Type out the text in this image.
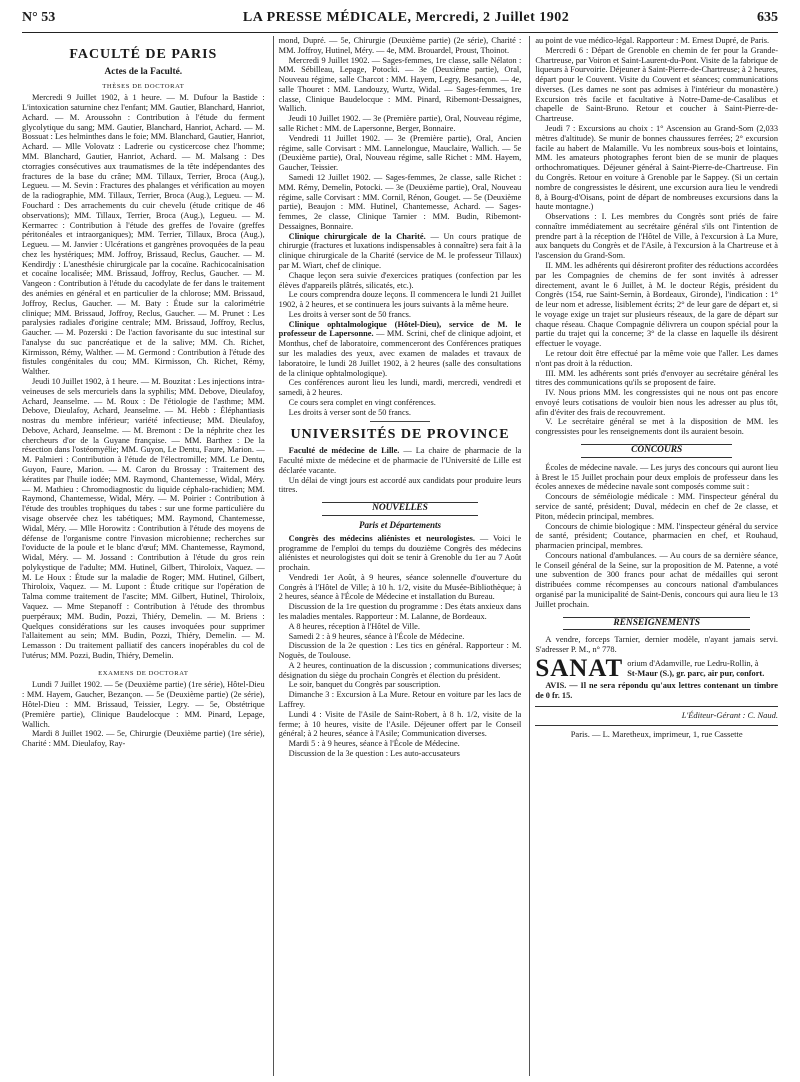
N° 53	LA PRESSE MÉDICALE, Mercredi, 2 Juillet 1902	635
FACULTÉ DE PARIS
Actes de la Faculté.
THÈSES DE DOCTORAT

Mercredi 9 Juillet 1902, à 1 heure. — M. Dufour la Bastide : L'intoxication saturnine chez l'enfant; MM. Gautier, Blanchard, Hanriot, Achard. — M. Aroussohn : Contribution à l'étude du ferment glycolytique du sang; MM. Gautier, Blanchard, Hanriot, Achard. — M. Bossuat : Les helminthes dans le foie; MM. Blanchard, Gautier, Hanriot, Achard. — Mlle Volovatz : Ladrerie ou cysticercose chez l'homme; MM. Blanchard, Gautier, Hanriot, Achard. — M. Malsang : Des ctorragies consécutives aux traumatismes de la tête indépendantes des fractures de la base du crâne; MM. Tillaux, Terrier, Broca (Aug.), Legueu. — M. Sevin : Fractures des phalanges et vérification au moyen de la radiographie, MM. Tillaux, Terrier, Broca (Aug.), Legueu. — M. Fouchard : Des arrachements du cuir chevelu (étude critique de 46 observations); MM. Tillaux, Terrier, Broca (Aug.), Legueu. — M. Kermarrec : Contribution à l'étude des greffes de l'ovaire (greffes péritonéales et intraorganiques); MM. Terrier, Tillaux, Broca (Aug.), Legueu. — M. Janvier : Ulcérations et gangrènes provoquées de la peau chez les hystériques; MM. Joffroy, Brissaud, Reclus, Gaucher. — M. Kendirdjy : L'anesthésie chirurgicale par la cocaïne. Rachicocaïnisation et cocaïne localisée; MM. Brissaud, Joffroy, Reclus, Gaucher. — M. Vangeon : Contribution à l'étude du cacodylate de fer dans le traitement des anémies en général et en particulier de la chlorose; MM. Brissaud, Joffroy, Reclus, Gaucher. — M. Baty : Étude sur la calorimétrie clinique; MM. Brissaud, Joffroy, Reclus, Gaucher. — M. Prunet : Les paralysies radiales d'origine centrale; MM. Brissaud, Joffroy, Reclus, Gaucher. — M. Pozerski : De l'action favorisante du suc intestinal sur l'analyse du suc pancréatique et de la salive; MM. Ch. Richet, Kirmisson, Rémy, Walther. — M. Germond : Contribution à l'étude des fistules congénitales du cou; MM. Kirmisson, Ch. Richet, Rémy, Walther.

Jeudi 10 Juillet 1902, à 1 heure. — M. Bouzitat : Les injections intra-veineuses de sels mercuriels dans la syphilis; MM. Debove, Dieulafoy, Achard, Jeanselme. — M. Roux : De l'étiologie de l'asthme; MM. Debove, Dieulafoy, Achard, Jeanselme. — M. Hebb : Éléphantiasis nostras du membre inférieur; variété infectieuse; MM. Dieulafoy, Debove, Achard, Jeanselme. — M. Bremont : De la néphrite chez les chercheurs d'or de la Guyane française. — MM. Barthez : De la résection dans l'ostéomyélie; MM. Guyon, Le Dentu, Faure, Marion. — M. Palmieri : Contribution à l'étude de l'électromille; MM. Le Dentu, Guyon, Faure, Marion. — M. Caron du Brossay : Traitement des kératites par l'huile iodée; MM. Raymond, Chantemesse, Widal, Méry. — M. Mathieu : Chromodiagnostic du liquide céphalo-rachidien; MM. Raymond, Chantemesse, Widal, Méry. — M. Poirier : Contribution à l'étude des troubles trophiques du tabes : sur une forme particulière du visage observée chez les tabétiques; MM. Raymond, Chantemesse, Widal, Méry. — Mlle Horowitz : Contribution à l'étude des moyens de défense de l'organisme contre l'invasion microbienne; recherches sur l'oviducte de la poule et le blanc d'œuf; MM. Chantemesse, Raymond, Widal, Méry. — M. Jossand : Contribution à l'étude du gros rein polykystique de l'adulte; MM. Hutinel, Gilbert, Thiroloix, Vaquez. — M. Le Houx : Étude sur la maladie de Roger; MM. Hutinel, Gilbert, Thiroloix, Vaquez. — M. Lupont : Étude critique sur l'opération de Talma comme traitement de l'ascite; MM. Gilbert, Hutinel, Thiroloix, Vaquez. — Mme Stepanoff : Contribution à l'étude des thrombus puerpéraux; MM. Budin, Pozzi, Thiéry, Demelin. — M. Briens : Quelques considérations sur les causes invoquées pour supprimer l'allaitement au sein; MM. Budin, Pozzi, Thiéry, Demelin. — M. Lemasson : Du traitement palliatif des cancers inopérables du col de l'utérus; MM. Pozzi, Budin, Thiéry, Demelin.

EXAMENS DE DOCTORAT

Lundi 7 Juillet 1902. — 5e (Deuxième partie) (1re série), Hôtel-Dieu : MM. Hayem, Gaucher, Bezançon. — 5e (Deuxième partie) (2e série), Hôtel-Dieu : MM. Brissaud, Teissier, Legry. — 5e, Obstétrique (Première partie), Clinique Baudelocque : MM. Pinard, Lepage, Wallich.

Mardi 8 Juillet 1902. — 5e, Chirurgie (Deuxième partie) (1re série), Charité : MM. Dieulafoy, Ray-

mond, Dupré. — 5e, Chirurgie (Deuxième partie) (2e série), Charité : MM. Joffroy, Hutinel, Méry. — 4e, MM. Brouardel, Proust, Thoinot.

Mercredi 9 Juillet 1902. — Sages-femmes, 1re classe, salle Nélaton : MM. Sébilleau, Lepage, Potocki. — 3e (Deuxième partie), Oral, Nouveau régime, salle Charcot : MM. Hayem, Legry, Besançon. — 4e, salle Thouret : MM. Landouzy, Wurtz, Widal. — Sages-femmes, 1re classe, Clinique Baudelocque : MM. Pinard, Ribemont-Dessaignes, Wallich.

Jeudi 10 Juillet 1902. — 3e (Première partie), Oral, Nouveau régime, salle Richet : MM. de Lapersonne, Berger, Bonnaire.

Vendredi 11 Juillet 1902. — 3e (Première partie), Oral, Ancien régime, salle Corvisart : MM. Lannelongue, Mauclaire, Wallich. — 5e (Deuxième partie), Oral, Nouveau régime, salle Richet : MM. Hayem, Gaucher, Teissier.

Samedi 12 Juillet 1902. — Sages-femmes, 2e classe, salle Richet : MM. Rémy, Demelin, Potocki. — 3e (Deuxième partie), Oral, Nouveau régime, salle Corvisart : MM. Cornil, Rénon, Gouget. — 5e (Deuxième partie), Beaujon : MM. Hutinel, Chantemesse, Achard. — Sages-femmes, 2e classe, Clinique Tarnier : MM. Budin, Ribemont-Dessaignes, Bonnaire.

Clinique chirurgicale de la Charité. — Un cours pratique de chirurgie (fractures et luxations indispensables à connaître) sera fait à la clinique chirurgicale de la Charité (service de M. le professeur Tillaux) par M. Wiart, chef de clinique.

Chaque leçon sera suivie d'exercices pratiques (confection par les élèves d'appareils plâtrés, silicatés, etc.).

Le cours comprendra douze leçons. Il commencera le lundi 21 Juillet 1902, à 2 heures, et se continuera les jours suivants à la même heure.

Les droits à verser sont de 50 francs.

Clinique ophtalmologique (Hôtel-Dieu), service de M. le professeur de Lapersonne. — MM. Scrini, chef de clinique adjoint, et Monthus, chef de laboratoire, commenceront des Conférences pratiques sur les maladies des yeux, avec examen de malades et travaux de laboratoire, le lundi 28 Juillet 1902, à 2 heures (salle des consultations de la clinique ophtalmologique).

Ces conférences auront lieu les lundi, mardi, mercredi, vendredi et samedi, à 2 heures.

Ce cours sera complet en vingt conférences.

Les droits à verser sont de 50 francs.

UNIVERSITÉS DE PROVINCE

Faculté de médecine de Lille. — La chaire de pharmacie de la Faculté mixte de médecine et de pharmacie de l'Université de Lille est déclarée vacante.

Un délai de vingt jours est accordé aux candidats pour produire leurs titres.

NOUVELLES
Paris et Départements

Congrès des médecins aliénistes et neurologistes. — Voici le programme de l'emploi du temps du douzième Congrès des médecins aliénistes et neurologistes qui doit se tenir à Grenoble du 1er au 7 Août prochain.

Vendredi 1er Août, à 9 heures, séance solennelle d'ouverture du Congrès à l'Hôtel de Ville; à 10 h. 1/2, visite du Musée-Bibliothèque; à 2 heures, séance à l'École de Médecine et installation du Bureau.

Discussion de la 1re question du programme : Des états anxieux dans les maladies mentales. Rapporteur : M. Lalanne, de Bordeaux.

A 8 heures, réception à l'Hôtel de Ville.

Samedi 2 : à 9 heures, séance à l'École de Médecine.

Discussion de la 2e question : Les tics en général. Rapporteur : M. Noguès, de Toulouse.

A 2 heures, continuation de la discussion ; communications diverses; désignation du siège du prochain Congrès et élection du président.

Le soir, banquet du Congrès par souscription.

Dimanche 3 : Excursion à La Mure. Retour en voiture par les lacs de Laffrey.

Lundi 4 : Visite de l'Asile de Saint-Robert, à 8 h. 1/2, visite de la ferme; à 10 heures, visite de l'Asile. Déjeuner offert par le Conseil général; à 2 heures, séance à l'Asile; Communication diverses.

Mardi 5 : à 9 heures, séance à l'École de Médecine.

Discussion de la 3e question : Les auto-accusateurs

au point de vue médico-légal. Rapporteur : M. Ernest Dupré, de Paris.

Mercredi 6 : Départ de Grenoble en chemin de fer pour la Grande-Chartreuse, par Voiron et Saint-Laurent-du-Pont. Visite de la fabrique de liqueurs à Fourvoirie. Déjeuner à Saint-Pierre-de-Chartreuse; à 2 heures, départ pour le Couvent. Visite du Couvent et séances; communications diverses. (Les dames ne sont pas admises à l'intérieur du monastère.) Excursion très facile et facultative à Notre-Dame-de-Casalibus et chapelle de Saint-Bruno. Retour et coucher à Saint-Pierre-de-Chartreuse.

Jeudi 7 : Excursions au choix : 1° Ascension au Grand-Som (2,033 mètres d'altitude). Se munir de bonnes chaussures ferrées; 2° excursion facile au habert de Malamille. Vu les nombreux sous-bois et lointains, MM. les amateurs photographes feront bien de se munir de plaques orthochromatiques. Déjeuner général à Saint-Pierre-de-Chartreuse. Fin du Congrès. Retour en voiture à Grenoble par le Sappey. (Si un certain nombre de congressistes le désirent, une excursion aura lieu le vendredi 8, à Bourg-d'Oisans, point de départ de nombreuses excursions dans la haute montagne.)

Observations : I. Les membres du Congrès sont priés de faire connaître immédiatement au secrétaire général s'ils ont l'intention de prendre part à la réception de l'Hôtel de Ville, à l'excursion à La Mure, aux banquets du Congrès et de l'Asile, à l'excursion à la Chartreuse et à l'ascension du Grand-Som.

II. MM. les adhérents qui désireront profiter des réductions accordées par les Compagnies de chemins de fer sont invités à adresser directement, avant le 6 Juillet, à M. le docteur Régis, président du Congrès (154, rue Saint-Sernin, à Bordeaux, Gironde), l'indication : 1° de leur nom et adresse, lisiblement écrits; 2° de leur gare de départ et, si le voyage exige un trajet sur plusieurs réseaux, de la gare de départ sur chaque réseau. Chaque Compagnie délivrera un coupon spécial pour la partie du trajet qui la concerne; 3° de la classe en laquelle ils désirent effectuer le voyage.

Le retour doit être effectué par la même voie que l'aller. Les dames n'ont pas droit à la réduction.

III. MM. les adhérents sont priés d'envoyer au secrétaire général les titres des communications qu'ils se proposent de faire.

IV. Nous prions MM. les congressistes qui ne nous ont pas encore envoyé leurs cotisations de vouloir bien nous les adresser au plus tôt, afin d'éviter des frais de recouvrement.

V. Le secrétaire général se met à la disposition de MM. les congressistes pour les renseignements dont ils auraient besoin.

CONCOURS

Écoles de médecine navale. — Les jurys des concours qui auront lieu à Brest le 15 Juillet prochain pour deux emplois de professeur dans les écoles annexes de médecine navale sont composés comme suit :

Concours de séméiologie médicale : MM. l'inspecteur général du service de santé, président; Duval, médecin en chef de 2e classe, et Piton, médecin principal, membres.

Concours de chimie biologique : MM. l'inspecteur général du service de santé, président; Coutance, pharmacien en chef, et Rouhaud, pharmacien principal, membres.

Concours national d'ambulances. — Au cours de sa dernière séance, le Conseil général de la Seine, sur la proposition de M. Patenne, a voté une subvention de 300 francs pour achat de médailles qui seront distribuées comme récompenses au concours national d'ambulances organisé par la municipalité de Saint-Denis, concours qui aura lieu le 13 Juillet prochain.

RENSEIGNEMENTS

A vendre, forceps Tarnier, dernier modèle, n'ayant jamais servi. S'adresser P. M., n° 778.

SANAT orium d'Adamville, rue Ledru-Rollin, à
St-Maur (S.), gr. parc, air pur, confort.

AVIS. — Il ne sera répondu qu'aux lettres contenant un timbre de 0 fr. 15.

L'Éditeur-Gérant : C. Naud.
Paris. — L. Maretheux, imprimeur, 1, rue Cassette
